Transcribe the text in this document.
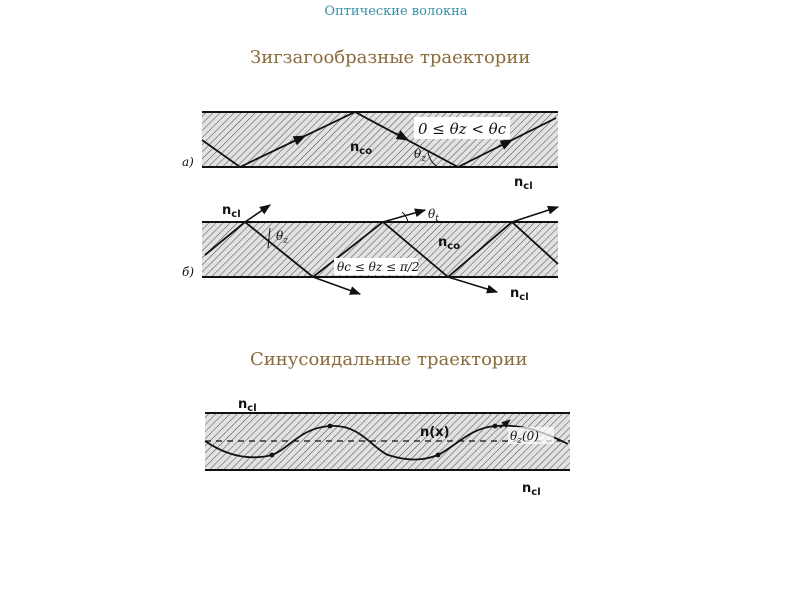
Оптические волокна
Зигзагообразные траектории
Синусоидальные траектории
а)
$n_{co}$	$\theta_z$
0 ≤ θz < θc
$n_{cl}$
б)
$n_{cl}$
$\theta_z$
$\theta_t$
$n_{co}$
θc ≤ θz ≤ π/2
$n_{cl}$
$n_{cl}$
n(x)	$\theta_z(0)$
$n_{cl}$
